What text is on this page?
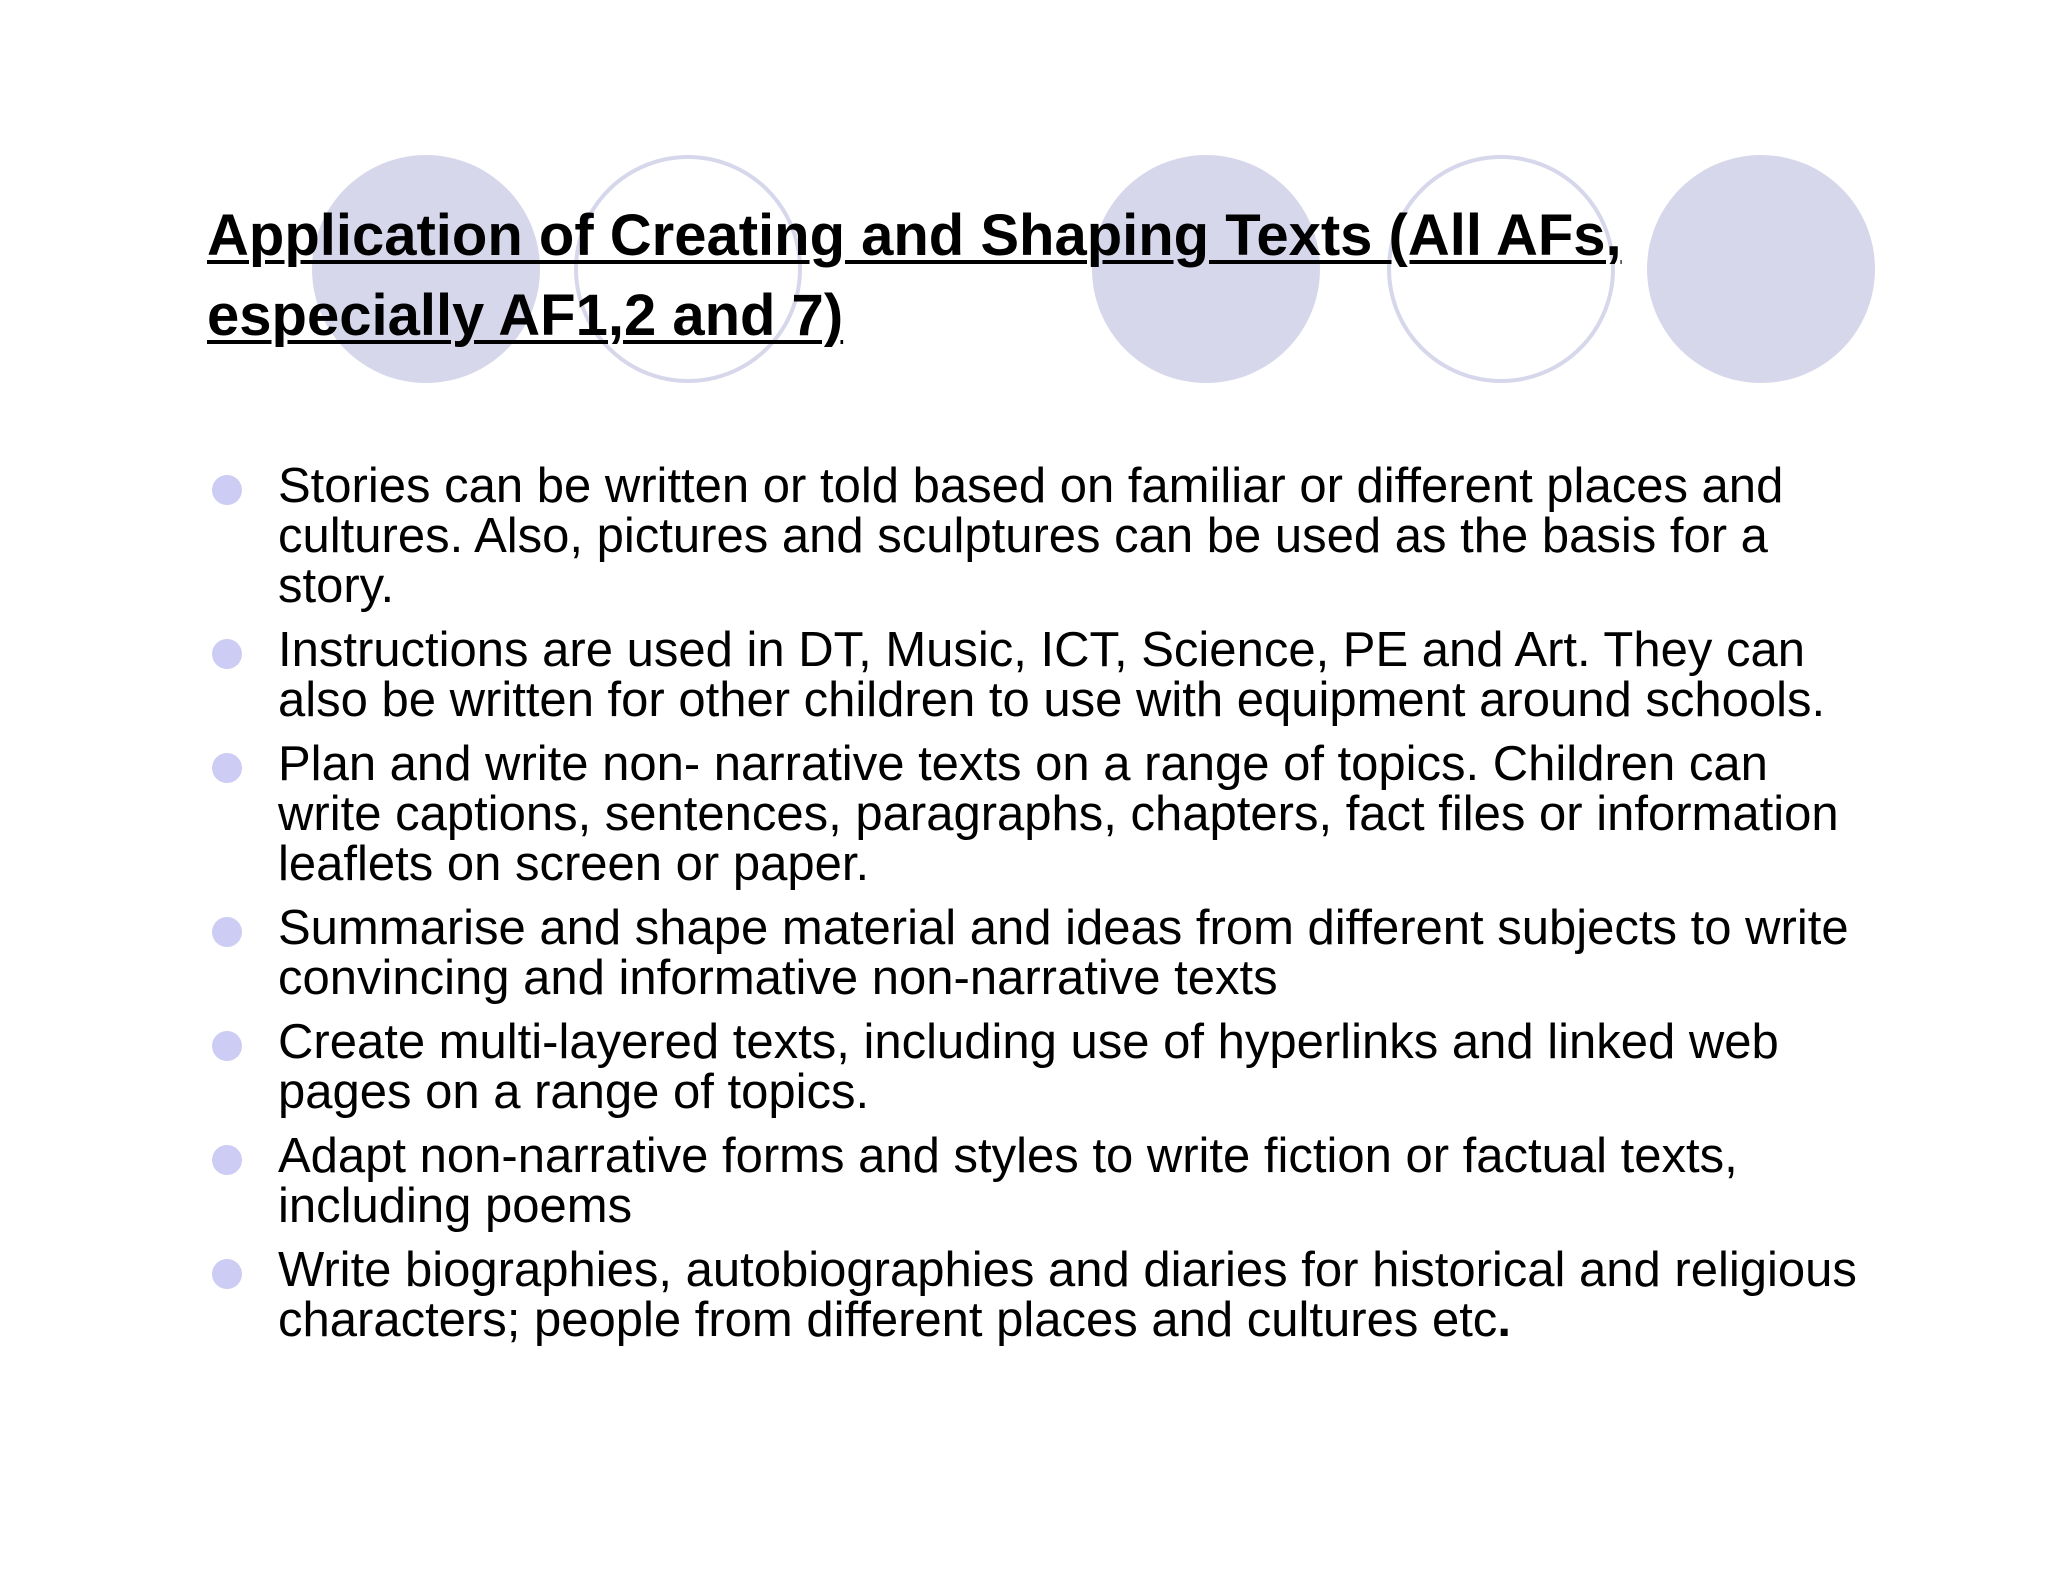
Application of Creating and Shaping Texts (All AFs, especially AF1,2 and 7)
Stories can be written or told based on familiar or different places and cultures. Also, pictures and sculptures can be used as the basis for a story.
Instructions are used in DT, Music, ICT, Science, PE and Art. They can also be written for other children to use with equipment around schools.
Plan and write non- narrative texts on a range of topics. Children can write captions, sentences, paragraphs, chapters, fact files or information leaflets on screen or paper.
Summarise and shape material and ideas from different subjects to write convincing and informative non-narrative texts
Create multi-layered texts, including use of hyperlinks and linked web pages on a range of topics.
Adapt non-narrative forms and styles to write fiction or factual texts, including poems
Write biographies, autobiographies and diaries for historical and religious characters; people from different places and cultures etc.
